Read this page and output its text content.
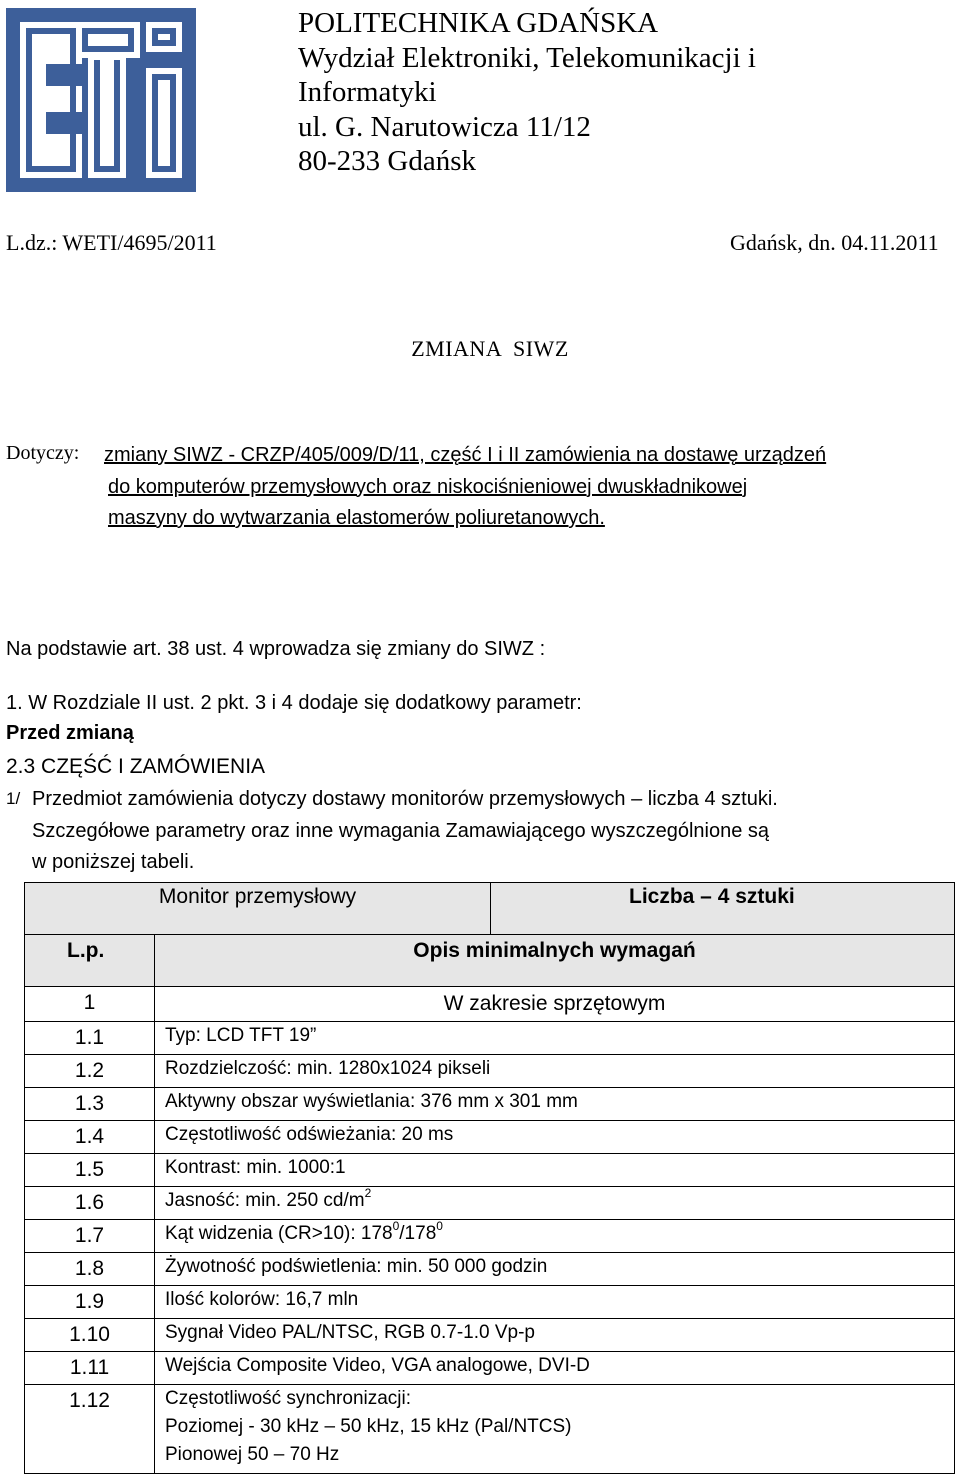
POLITECHNIKA GDAŃSKA
Wydział Elektroniki, Telekomunikacji i
Informatyki
ul. G. Narutowicza 11/12
80-233 Gdańsk
L.dz.: WETI/4695/2011	Gdańsk, dn. 04.11.2011
ZMIANA  SIWZ
Dotyczy: zmiany SIWZ - CRZP/405/009/D/11, część I i II zamówienia na dostawę urządzeń
do komputerów przemysłowych oraz niskociśnieniowej dwuskładnikowej
maszyny do wytwarzania elastomerów poliuretanowych.
Na podstawie art. 38 ust. 4 wprowadza się zmiany do SIWZ :
1. W Rozdziale II ust. 2 pkt. 3 i 4 dodaje się dodatkowy parametr:
Przed zmianą
2.3 CZĘŚĆ I ZAMÓWIENIA
1/ Przedmiot zamówienia dotyczy dostawy monitorów przemysłowych – liczba 4 sztuki.
Szczegółowe parametry oraz inne wymagania Zamawiającego wyszczególnione są
w poniższej tabeli.
Monitor przemysłowy		Liczba – 4 sztuki
L.p.	Opis minimalnych wymagań	
1	W zakresie sprzętowym	
1.1	Typ: LCD TFT 19”	
1.2	Rozdzielczość: min. 1280x1024 pikseli	
1.3	Aktywny obszar wyświetlania: 376 mm x 301 mm	
1.4	Częstotliwość odświeżania: 20 ms	
1.5	Kontrast: min. 1000:1	
1.6	Jasność: min. 250 $cd/m^2$
1.7	Kąt widzenia (CR>10): $178^0/178^0$
1.8	Żywotność podświetlenia: min. 50 000 godzin	
1.9	Ilość kolorów: 16,7 mln	
1.10	Sygnał Video PAL/NTSC, RGB 0.7-1.0 Vp-p	
1.11	Wejścia Composite Video, VGA analogowe, DVI-D	
1.12	Częstotliwość synchronizacji:
Poziomej - 30 kHz – 50 kHz, 15 kHz (Pal/NTCS)
Pionowej 50 – 70 Hz	
